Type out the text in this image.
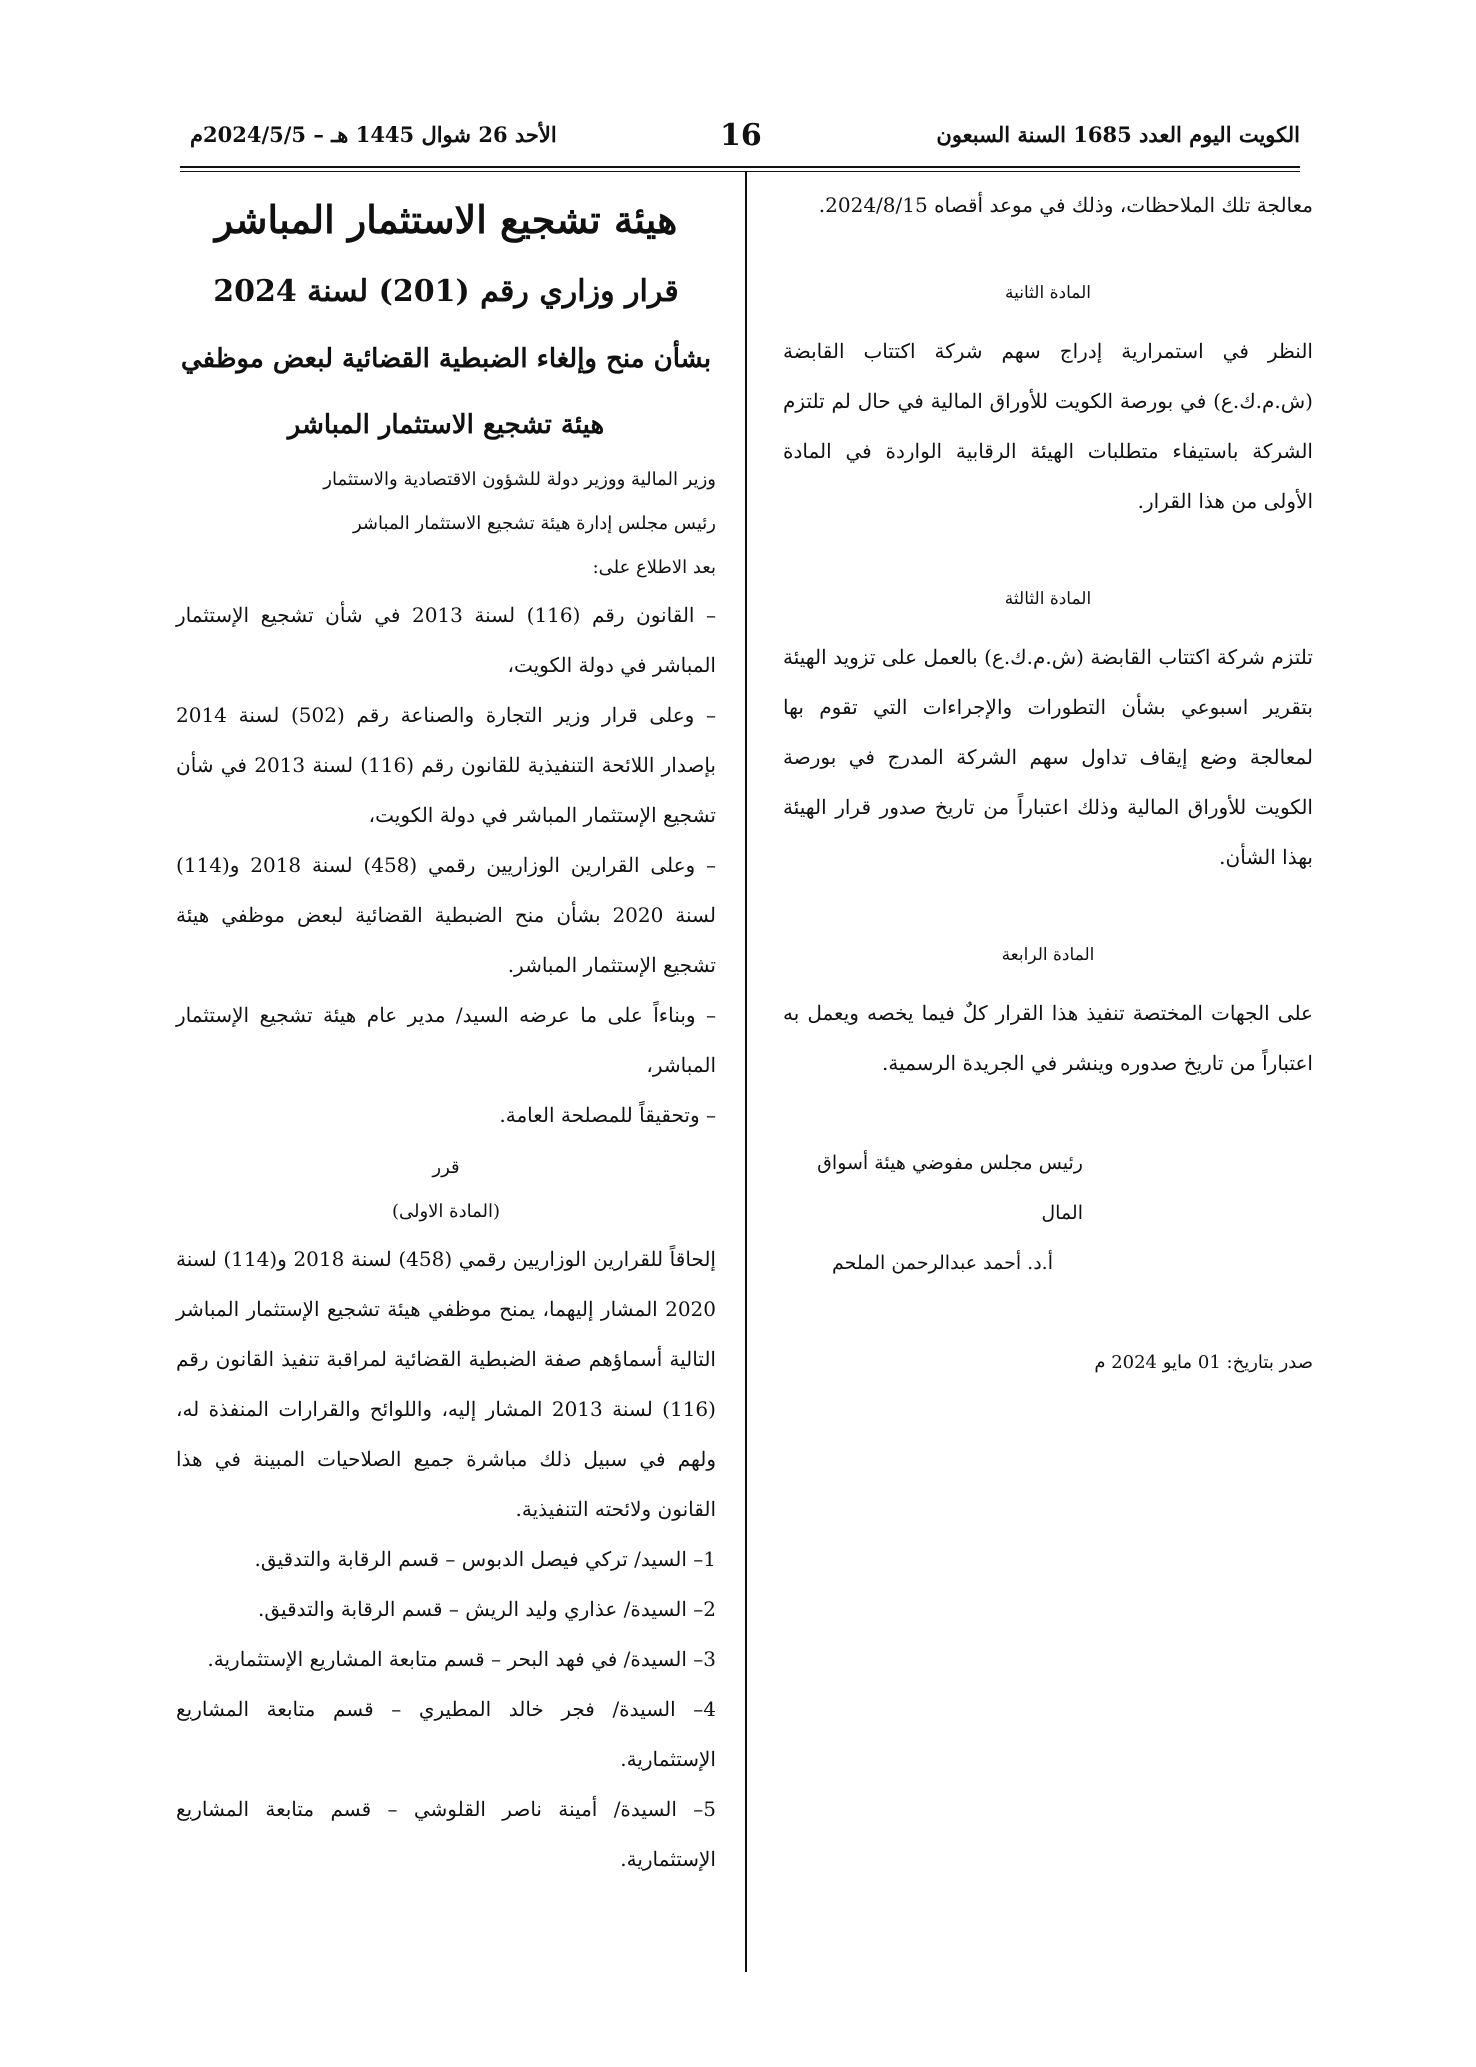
الكويت اليوم العدد 1685 السنة السبعون
16
الأحد 26 شوال 1445 هـ – 2024/5/5م

معالجة تلك الملاحظات، وذلك في موعد أقصاه 2024/8/15.

المادة الثانية

النظر في استمرارية إدراج سهم شركة اكتتاب القابضة (ش.م.ك.ع) في بورصة الكويت للأوراق المالية في حال لم تلتزم الشركة باستيفاء متطلبات الهيئة الرقابية الواردة في المادة الأولى من هذا القرار.

المادة الثالثة

تلتزم شركة اكتتاب القابضة (ش.م.ك.ع) بالعمل على تزويد الهيئة بتقرير اسبوعي بشأن التطورات والإجراءات التي تقوم بها لمعالجة وضع إيقاف تداول سهم الشركة المدرج في بورصة الكويت للأوراق المالية وذلك اعتباراً من تاريخ صدور قرار الهيئة بهذا الشأن.

المادة الرابعة

على الجهات المختصة تنفيذ هذا القرار كلٌ فيما يخصه ويعمل به اعتباراً من تاريخ صدوره وينشر في الجريدة الرسمية.

رئيس مجلس مفوضي هيئة أسواق المال

أ.د. أحمد عبدالرحمن الملحم

صدر بتاريخ: 01 مايو 2024 م

هيئة تشجيع الاستثمار المباشر

قرار وزاري رقم (201) لسنة 2024

بشأن منح وإلغاء الضبطية القضائية لبعض موظفي

هيئة تشجيع الاستثمار المباشر

وزير المالية ووزير دولة للشؤون الاقتصادية والاستثمار

رئيس مجلس إدارة هيئة تشجيع الاستثمار المباشر

بعد الاطلاع على:

– القانون رقم (116) لسنة 2013 في شأن تشجيع الإستثمار المباشر في دولة الكويت،

– وعلى قرار وزير التجارة والصناعة رقم (502) لسنة 2014 بإصدار اللائحة التنفيذية للقانون رقم (116) لسنة 2013 في شأن تشجيع الإستثمار المباشر في دولة الكويت،

– وعلى القرارين الوزاريين رقمي (458) لسنة 2018 و(114) لسنة 2020 بشأن منح الضبطية القضائية لبعض موظفي هيئة تشجيع الإستثمار المباشر.

– وبناءاً على ما عرضه السيد/ مدير عام هيئة تشجيع الإستثمار المباشر،

– وتحقيقاً للمصلحة العامة.

قرر

(المادة الاولى)

إلحاقاً للقرارين الوزاريين رقمي (458) لسنة 2018 و(114) لسنة 2020 المشار إليهما، يمنح موظفي هيئة تشجيع الإستثمار المباشر التالية أسماؤهم صفة الضبطية القضائية لمراقبة تنفيذ القانون رقم (116) لسنة 2013 المشار إليه، واللوائح والقرارات المنفذة له، ولهم في سبيل ذلك مباشرة جميع الصلاحيات المبينة في هذا القانون ولائحته التنفيذية.

1– السيد/ تركي فيصل الدبوس – قسم الرقابة والتدقيق.

2– السيدة/ عذاري وليد الريش – قسم الرقابة والتدقيق.

3– السيدة/ في فهد البحر – قسم متابعة المشاريع الإستثمارية.

4– السيدة/ فجر خالد المطيري – قسم متابعة المشاريع الإستثمارية.

5– السيدة/ أمينة ناصر القلوشي – قسم متابعة المشاريع الإستثمارية.
